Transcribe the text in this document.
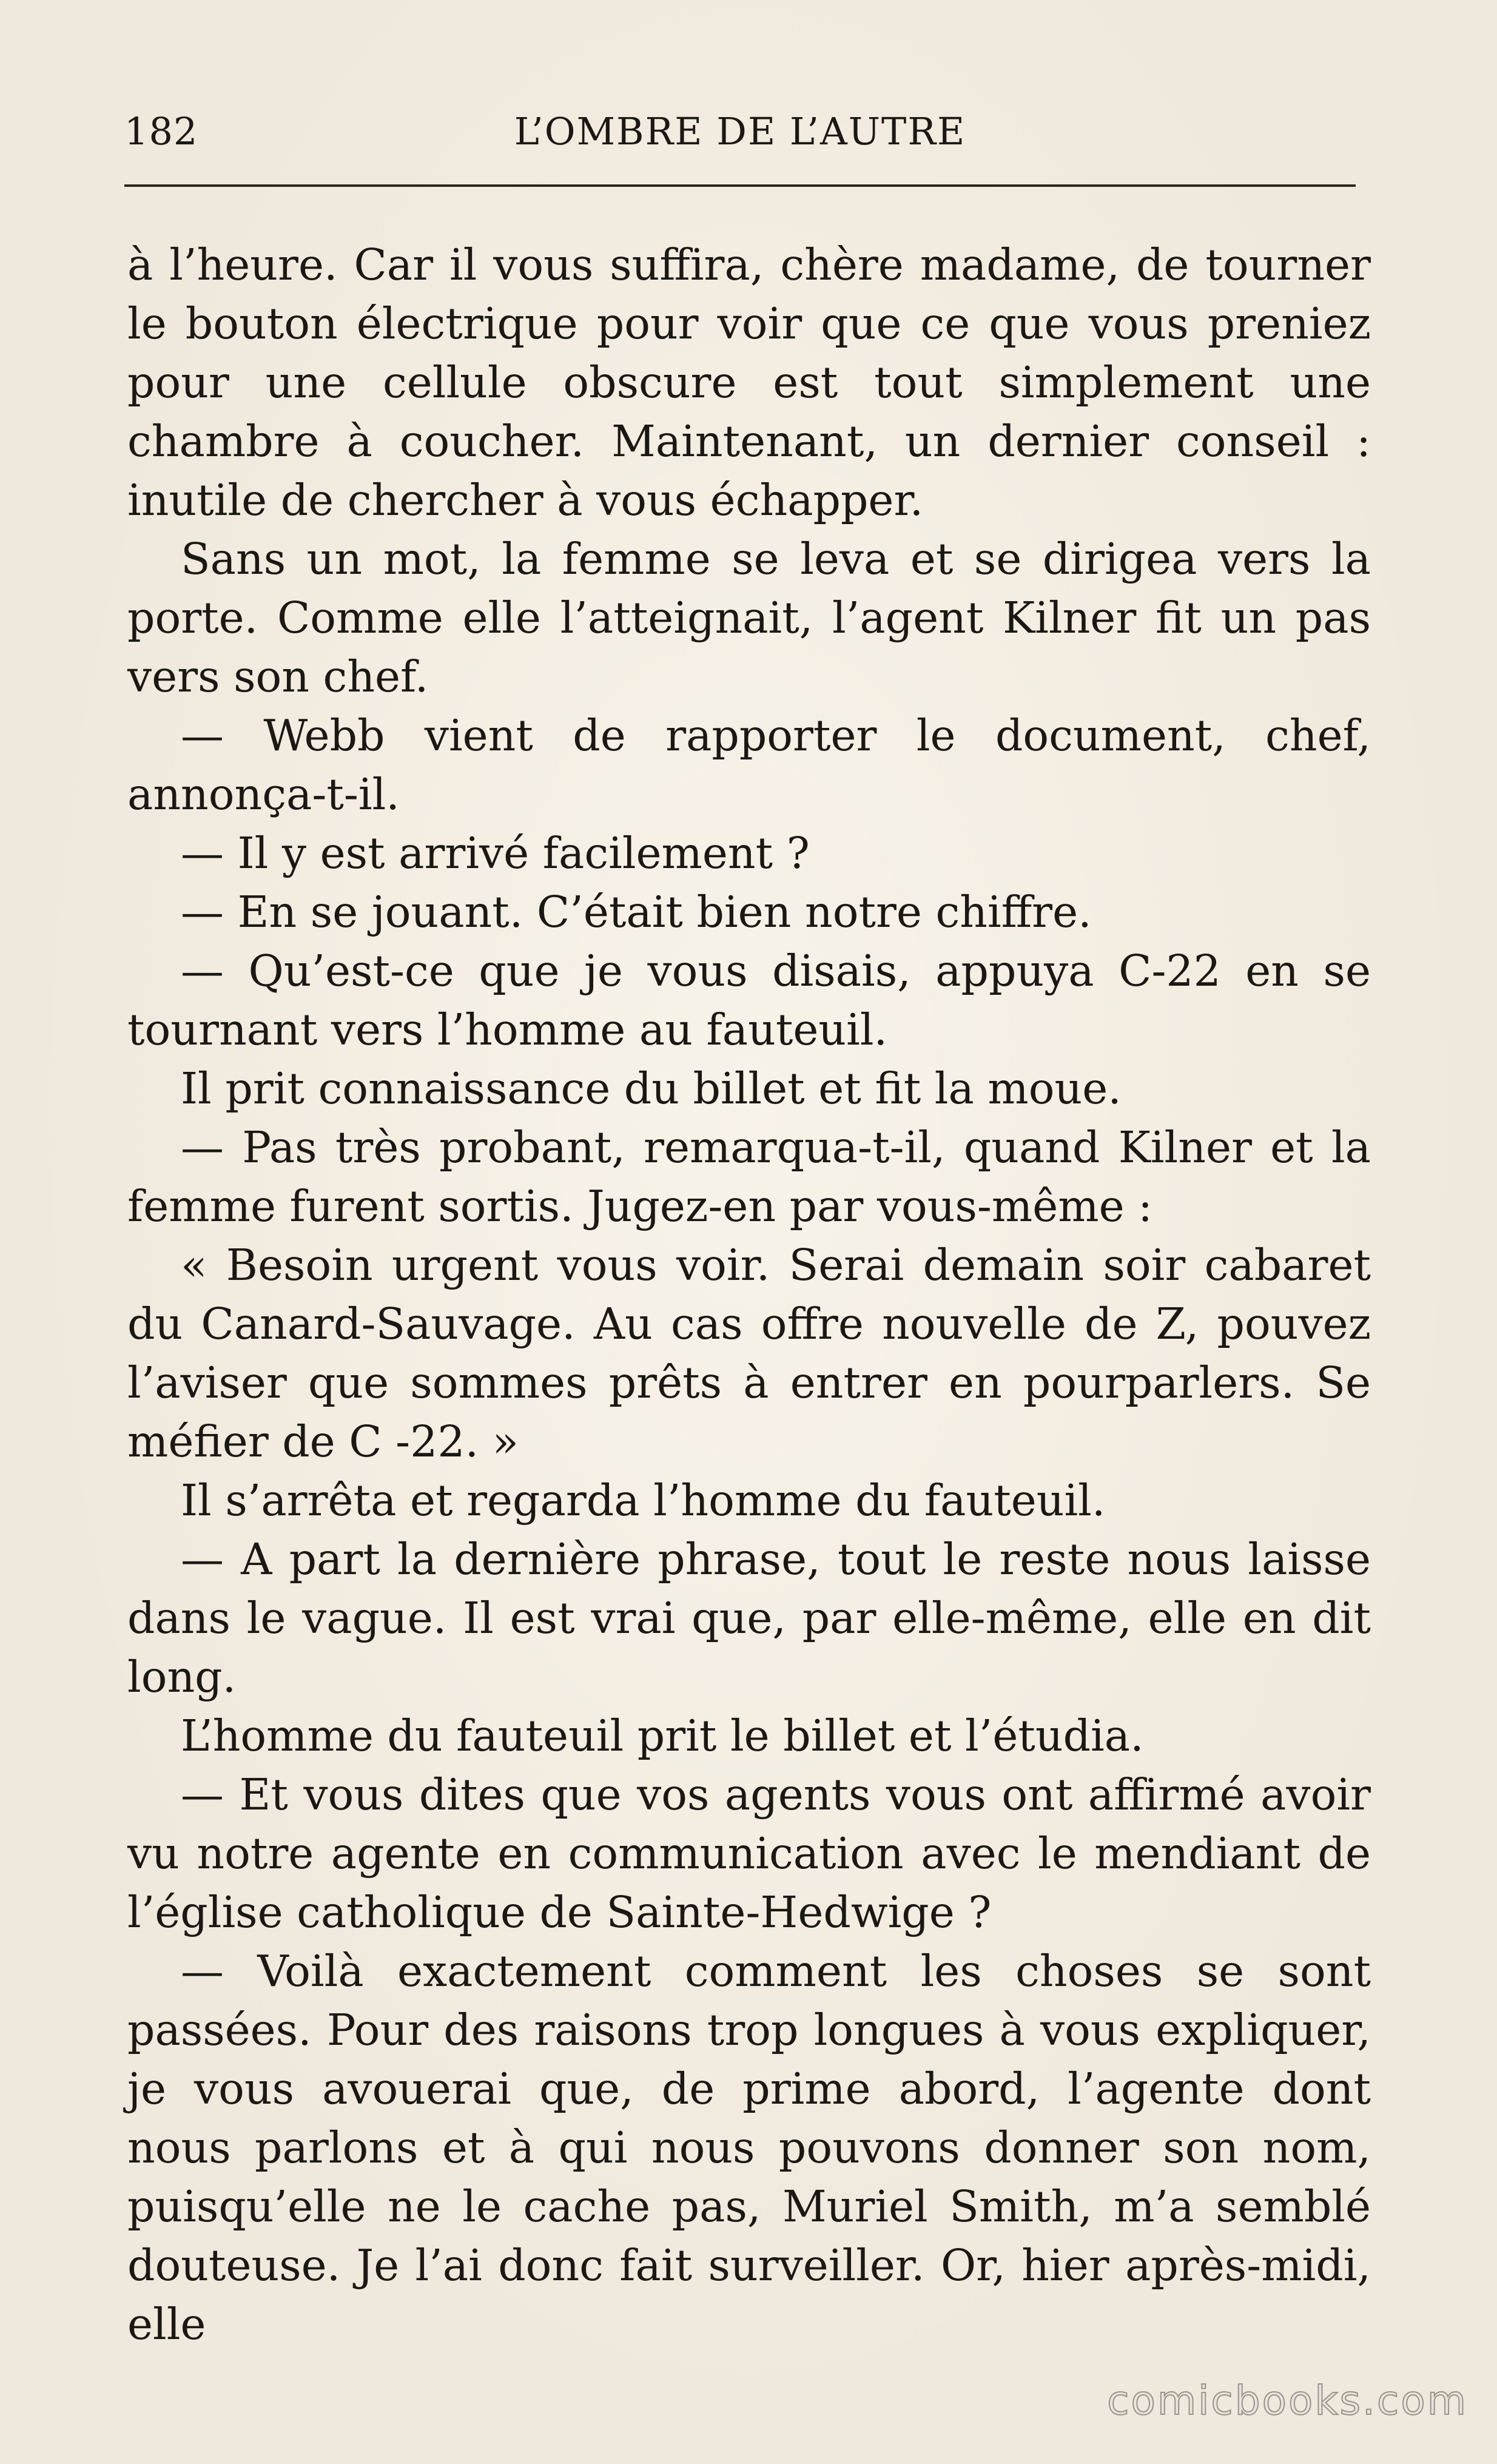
182	L’OMBRE DE L’AUTRE

à l’heure. Car il vous suffira, chère madame, de tourner le bouton électrique pour voir que ce que vous preniez pour une cellule obscure est tout simplement une chambre à coucher. Maintenant, un dernier conseil : inutile de chercher à vous échapper.

Sans un mot, la femme se leva et se dirigea vers la porte. Comme elle l’atteignait, l’agent Kilner fit un pas vers son chef.

— Webb vient de rapporter le document, chef, annonça-t-il.

— Il y est arrivé facilement ?

— En se jouant. C’était bien notre chiffre.

— Qu’est-ce que je vous disais, appuya C-22 en se tournant vers l’homme au fauteuil.

Il prit connaissance du billet et fit la moue.

— Pas très probant, remarqua-t-il, quand Kilner et la femme furent sortis. Jugez-en par vous-même :

« Besoin urgent vous voir. Serai demain soir cabaret du Canard-Sauvage. Au cas offre nouvelle de Z, pouvez l’aviser que sommes prêts à entrer en pourparlers. Se méfier de C -22. »

Il s’arrêta et regarda l’homme du fauteuil.

— A part la dernière phrase, tout le reste nous laisse dans le vague. Il est vrai que, par elle-même, elle en dit long.

L’homme du fauteuil prit le billet et l’étudia.

— Et vous dites que vos agents vous ont affirmé avoir vu notre agente en communication avec le mendiant de l’église catholique de Sainte-Hedwige ?

— Voilà exactement comment les choses se sont passées. Pour des raisons trop longues à vous expliquer, je vous avouerai que, de prime abord, l’agente dont nous parlons et à qui nous pouvons donner son nom, puisqu’elle ne le cache pas, Muriel Smith, m’a semblé douteuse. Je l’ai donc fait surveiller. Or, hier après-midi, elle

comicbooks.com
